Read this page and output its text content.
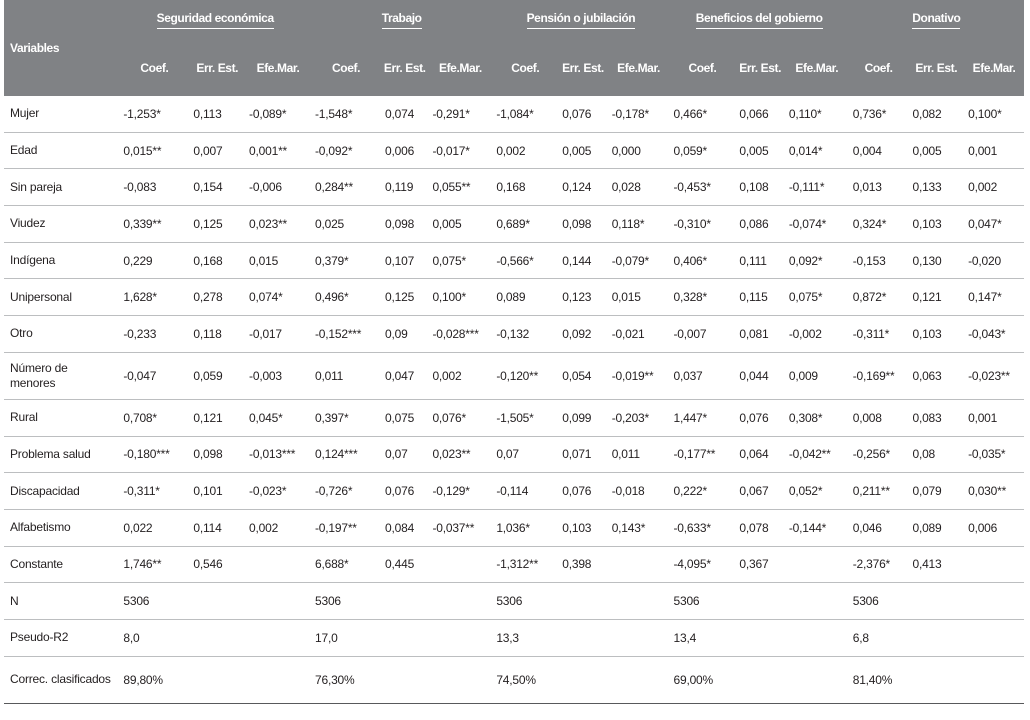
Variables	Seguridad económica			Trabajo			Pensión o jubilación			Beneficios del gobierno			Donativo		
	Coef.	Err. Est.	Efe.Mar.	Coef.	Err. Est.	Efe.Mar.	Coef.	Err. Est.	Efe.Mar.	Coef.	Err. Est.	Efe.Mar.	Coef.	Err. Est.	Efe.Mar.
Mujer	-1,253*	0,113	-0,089*	-1,548*	0,074	-0,291*	-1,084*	0,076	-0,178*	0,466*	0,066	0,110*	0,736*	0,082	0,100*
Edad	0,015**	0,007	0,001**	-0,092*	0,006	-0,017*	0,002	0,005	0,000	0,059*	0,005	0,014*	0,004	0,005	0,001
Sin pareja	-0,083	0,154	-0,006	0,284**	0,119	0,055**	0,168	0,124	0,028	-0,453*	0,108	-0,111*	0,013	0,133	0,002
Viudez	0,339**	0,125	0,023**	0,025	0,098	0,005	0,689*	0,098	0,118*	-0,310*	0,086	-0,074*	0,324*	0,103	0,047*
Indígena	0,229	0,168	0,015	0,379*	0,107	0,075*	-0,566*	0,144	-0,079*	0,406*	0,111	0,092*	-0,153	0,130	-0,020
Unipersonal	1,628*	0,278	0,074*	0,496*	0,125	0,100*	0,089	0,123	0,015	0,328*	0,115	0,075*	0,872*	0,121	0,147*
Otro	-0,233	0,118	-0,017	-0,152***	0,09	-0,028***	-0,132	0,092	-0,021	-0,007	0,081	-0,002	-0,311*	0,103	-0,043*
Número de menores	-0,047	0,059	-0,003	0,011	0,047	0,002	-0,120**	0,054	-0,019**	0,037	0,044	0,009	-0,169**	0,063	-0,023**
Rural	0,708*	0,121	0,045*	0,397*	0,075	0,076*	-1,505*	0,099	-0,203*	1,447*	0,076	0,308*	0,008	0,083	0,001
Problema salud	-0,180***	0,098	-0,013***	0,124***	0,07	0,023**	0,07	0,071	0,011	-0,177**	0,064	-0,042**	-0,256*	0,08	-0,035*
Discapacidad	-0,311*	0,101	-0,023*	-0,726*	0,076	-0,129*	-0,114	0,076	-0,018	0,222*	0,067	0,052*	0,211**	0,079	0,030**
Alfabetismo	0,022	0,114	0,002	-0,197**	0,084	-0,037**	1,036*	0,103	0,143*	-0,633*	0,078	-0,144*	0,046	0,089	0,006
Constante	1,746**	0,546		6,688*	0,445		-1,312**	0,398		-4,095*	0,367		-2,376*	0,413	
N	5306			5306			5306			5306			5306		
Pseudo-R2	8,0			17,0			13,3			13,4			6,8		
Correc. clasificados	89,80%			76,30%			74,50%			69,00%			81,40%		
